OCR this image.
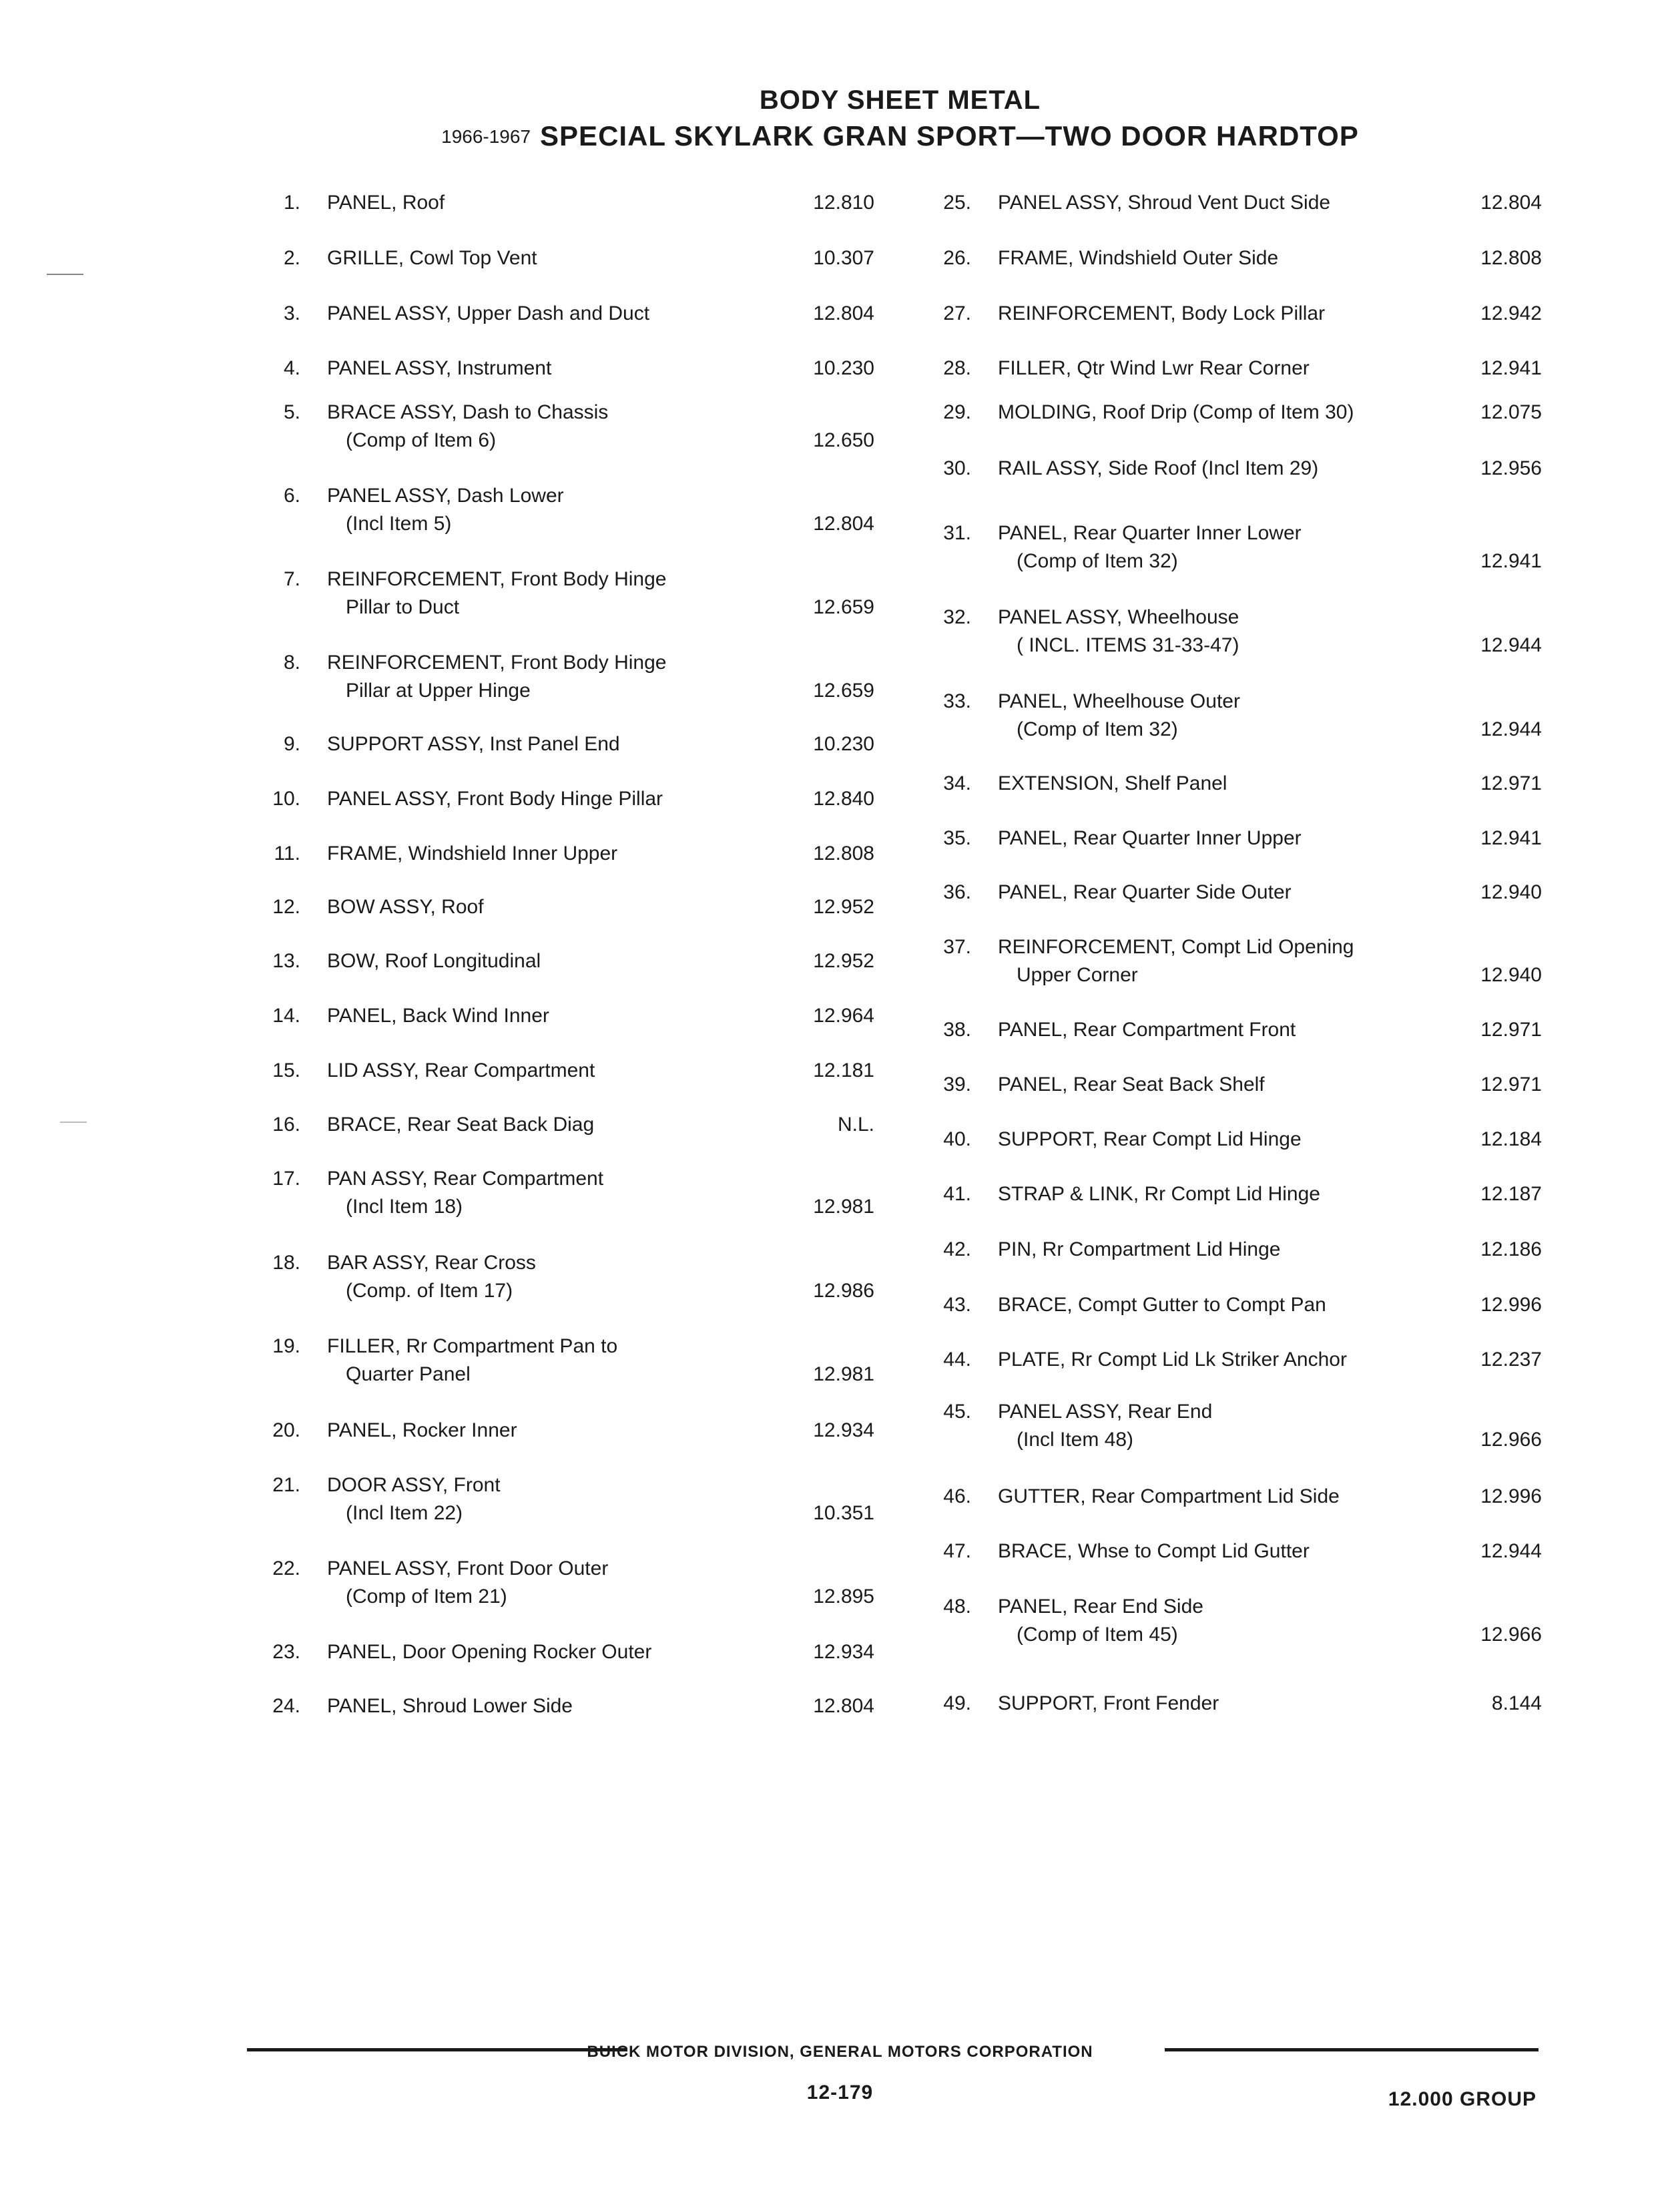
BODY SHEET METAL
1966-1967 SPECIAL SKYLARK GRAN SPORT—TWO DOOR HARDTOP
1. PANEL, Roof	12.810
2. GRILLE, Cowl Top Vent	10.307
3. PANEL ASSY, Upper Dash and Duct	12.804
4. PANEL ASSY, Instrument	10.230
5. BRACE ASSY, Dash to Chassis
(Comp of Item 6)	12.650
6. PANEL ASSY, Dash Lower
(Incl Item 5)	12.804
7. REINFORCEMENT, Front Body Hinge
Pillar to Duct	12.659
8. REINFORCEMENT, Front Body Hinge
Pillar at Upper Hinge	12.659
9. SUPPORT ASSY, Inst Panel End	10.230
10. PANEL ASSY, Front Body Hinge Pillar	12.840
11. FRAME, Windshield Inner Upper	12.808
12. BOW ASSY, Roof	12.952
13. BOW, Roof Longitudinal	12.952
14. PANEL, Back Wind Inner	12.964
15. LID ASSY, Rear Compartment	12.181
16. BRACE, Rear Seat Back Diag	N.L.
17. PAN ASSY, Rear Compartment
(Incl Item 18)	12.981
18. BAR ASSY, Rear Cross
(Comp. of Item 17)	12.986
19. FILLER, Rr Compartment Pan to
Quarter Panel	12.981
20. PANEL, Rocker Inner	12.934
21. DOOR ASSY, Front
(Incl Item 22)	10.351
22. PANEL ASSY, Front Door Outer
(Comp of Item 21)	12.895
23. PANEL, Door Opening Rocker Outer	12.934
24. PANEL, Shroud Lower Side	12.804
25. PANEL ASSY, Shroud Vent Duct Side	12.804
26. FRAME, Windshield Outer Side	12.808
27. REINFORCEMENT, Body Lock Pillar	12.942
28. FILLER, Qtr Wind Lwr Rear Corner	12.941
29. MOLDING, Roof Drip (Comp of Item 30)	12.075
30. RAIL ASSY, Side Roof (Incl Item 29)	12.956
31. PANEL, Rear Quarter Inner Lower
(Comp of Item 32)	12.941
32. PANEL ASSY, Wheelhouse
( INCL. ITEMS 31-33-47)	12.944
33. PANEL, Wheelhouse Outer
(Comp of Item 32)	12.944
34. EXTENSION, Shelf Panel	12.971
35. PANEL, Rear Quarter Inner Upper	12.941
36. PANEL, Rear Quarter Side Outer	12.940
37. REINFORCEMENT, Compt Lid Opening
Upper Corner	12.940
38. PANEL, Rear Compartment Front	12.971
39. PANEL, Rear Seat Back Shelf	12.971
40. SUPPORT, Rear Compt Lid Hinge	12.184
41. STRAP & LINK, Rr Compt Lid Hinge	12.187
42. PIN, Rr Compartment Lid Hinge	12.186
43. BRACE, Compt Gutter to Compt Pan	12.996
44. PLATE, Rr Compt Lid Lk Striker Anchor	12.237
45. PANEL ASSY, Rear End
(Incl Item 48)	12.966
46. GUTTER, Rear Compartment Lid Side	12.996
47. BRACE, Whse to Compt Lid Gutter	12.944
48. PANEL, Rear End Side
(Comp of Item 45)	12.966
49. SUPPORT, Front Fender	8.144
BUICK MOTOR DIVISION, GENERAL MOTORS CORPORATION
12-179	12.000 GROUP
